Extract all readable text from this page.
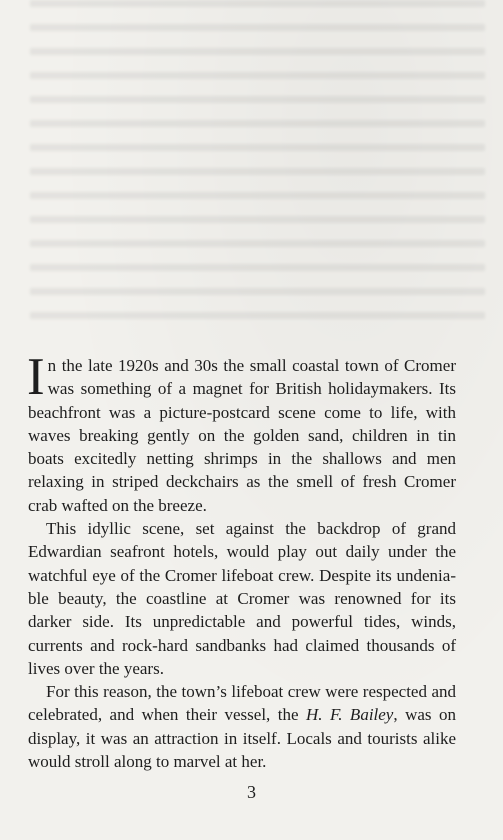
In the late 1920s and 30s the small coastal town of Cromer was something of a magnet for British holidaymakers. Its beachfront was a picture-postcard scene come to life, with waves breaking gently on the golden sand, children in tin boats excitedly netting shrimps in the shallows and men relaxing in striped deckchairs as the smell of fresh Cromer crab wafted on the breeze.

This idyllic scene, set against the backdrop of grand Edwardian seafront hotels, would play out daily under the watchful eye of the Cromer lifeboat crew. Despite its undeniable beauty, the coastline at Cromer was renowned for its darker side. Its unpredictable and powerful tides, winds, currents and rock-hard sandbanks had claimed thousands of lives over the years.

For this reason, the town’s lifeboat crew were respected and celebrated, and when their vessel, the H. F. Bailey, was on display, it was an attraction in itself. Locals and tourists alike would stroll along to marvel at her.

3
